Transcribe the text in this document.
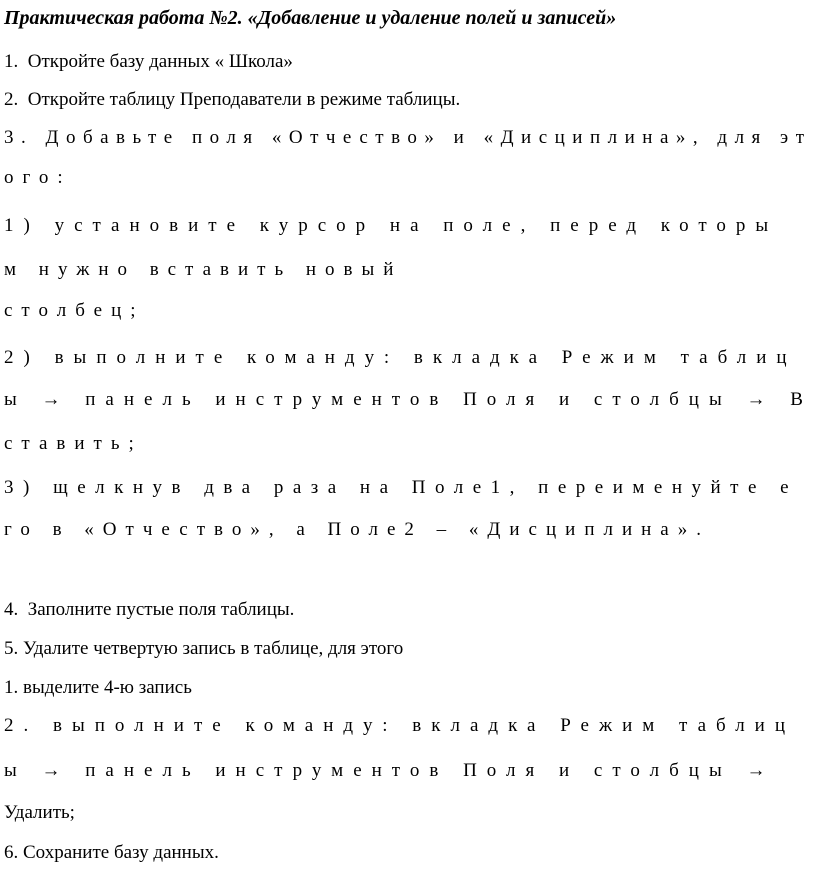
Практическая работа №2. «Добавление и удаление полей и записей»
1.  Откройте базу данных « Школа»
2.  Откройте таблицу Преподаватели в режиме таблицы.
3. Добавьте поля «Отчество» и «Дисциплина», для эт
ого:
1) установите курсор на поле, перед которы
м нужно вставить новый
столбец;
2) выполните команду: вкладка Режим таблиц
ы → панель инструментов Поля и столбцы → В
ставить;
3) щелкнув два раза на Поле1, переименуйте е
го в «Отчество», а Поле2 – «Дисциплина».
4.  Заполните пустые поля таблицы.
5. Удалите четвертую запись в таблице, для этого
1. выделите 4-ю запись
2. выполните команду: вкладка Режим таблиц
ы → панель инструментов Поля и столбцы →
Удалить;
6. Сохраните базу данных.
